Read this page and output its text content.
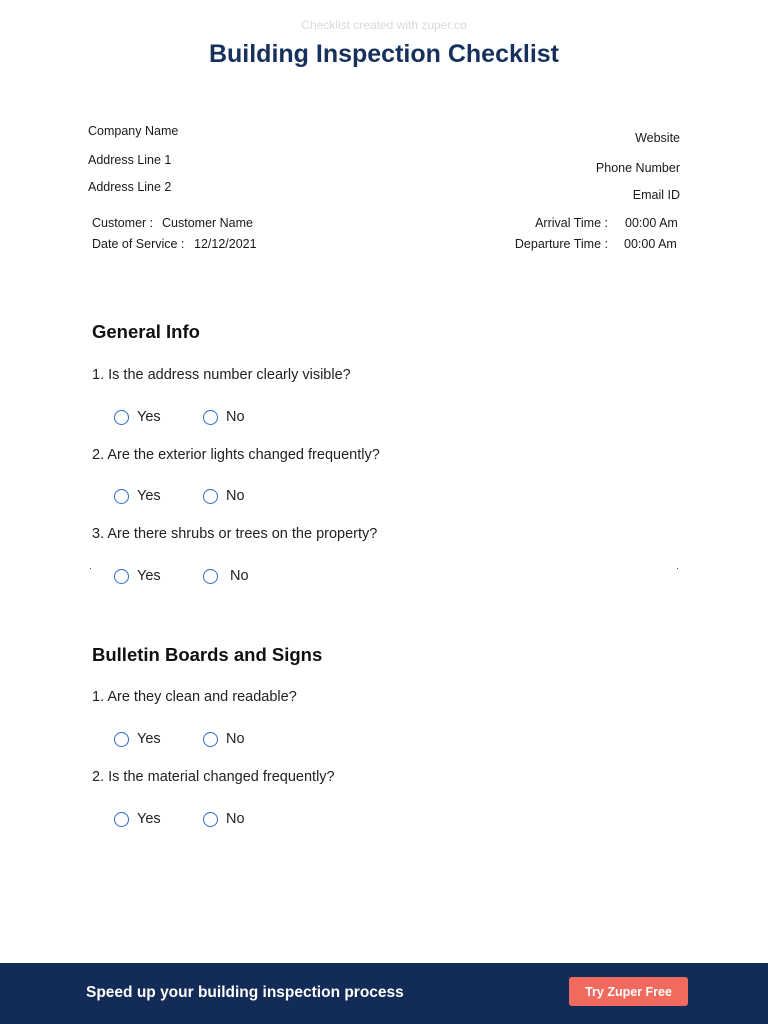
Checklist created with zuper.co
Building Inspection Checklist
Company Name
Address Line 1
Address Line 2
Website
Phone Number
Email ID
Customer : Customer Name
Date of Service : 12/12/2021
Arrival Time : 00:00 Am
Departure Time : 00:00 Am
General Info
1. Is the address number clearly visible?
Yes	No
2. Are the exterior lights changed frequently?
Yes	No
3. Are there shrubs or trees on the property?
Yes	No
Bulletin Boards and Signs
1. Are they clean and readable?
Yes	No
2. Is the material changed frequently?
Yes	No
Speed up your building inspection process	Try Zuper Free
